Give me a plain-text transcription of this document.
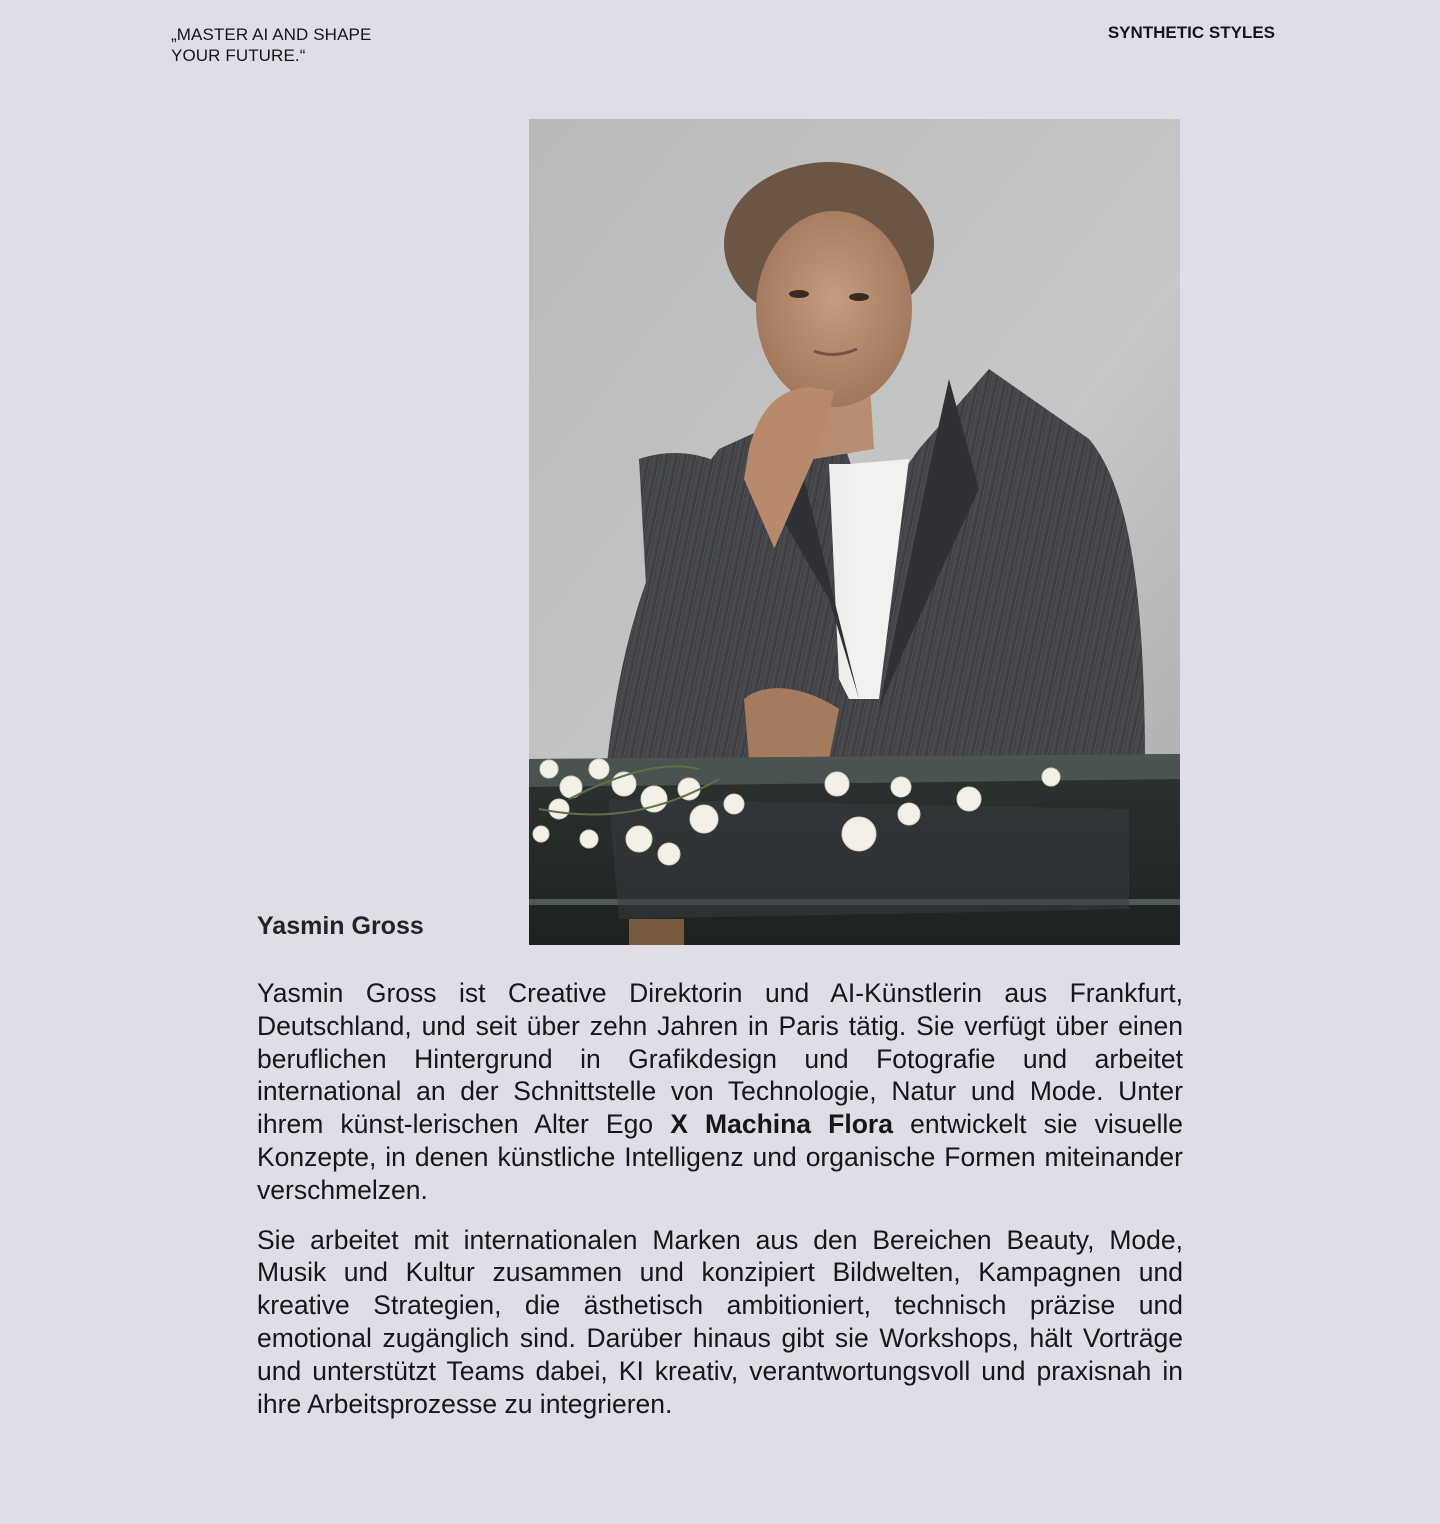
„MASTER AI AND SHAPE
YOUR FUTURE.“

SYNTHETIC STYLES

Yasmin Gross

Yasmin Gross ist Creative Direktorin und AI-Künstlerin aus Frankfurt, Deutschland, und seit über zehn Jahren in Paris tätig. Sie verfügt über einen beruflichen Hintergrund in Grafikdesign und Fotografie und arbeitet international an der Schnittstelle von Technologie, Natur und Mode. Unter ihrem künst-lerischen Alter Ego X Machina Flora entwickelt sie visuelle Konzepte, in denen künstliche Intelligenz und organische Formen miteinander verschmelzen.

Sie arbeitet mit internationalen Marken aus den Bereichen Beauty, Mode, Musik und Kultur zusammen und konzipiert Bildwelten, Kampagnen und kreative Strategien, die ästhetisch ambitioniert, technisch präzise und emotional zugänglich sind. Darüber hinaus gibt sie Workshops, hält Vorträge und unterstützt Teams dabei, KI kreativ, verantwortungsvoll und praxisnah in ihre Arbeitsprozesse zu integrieren.
